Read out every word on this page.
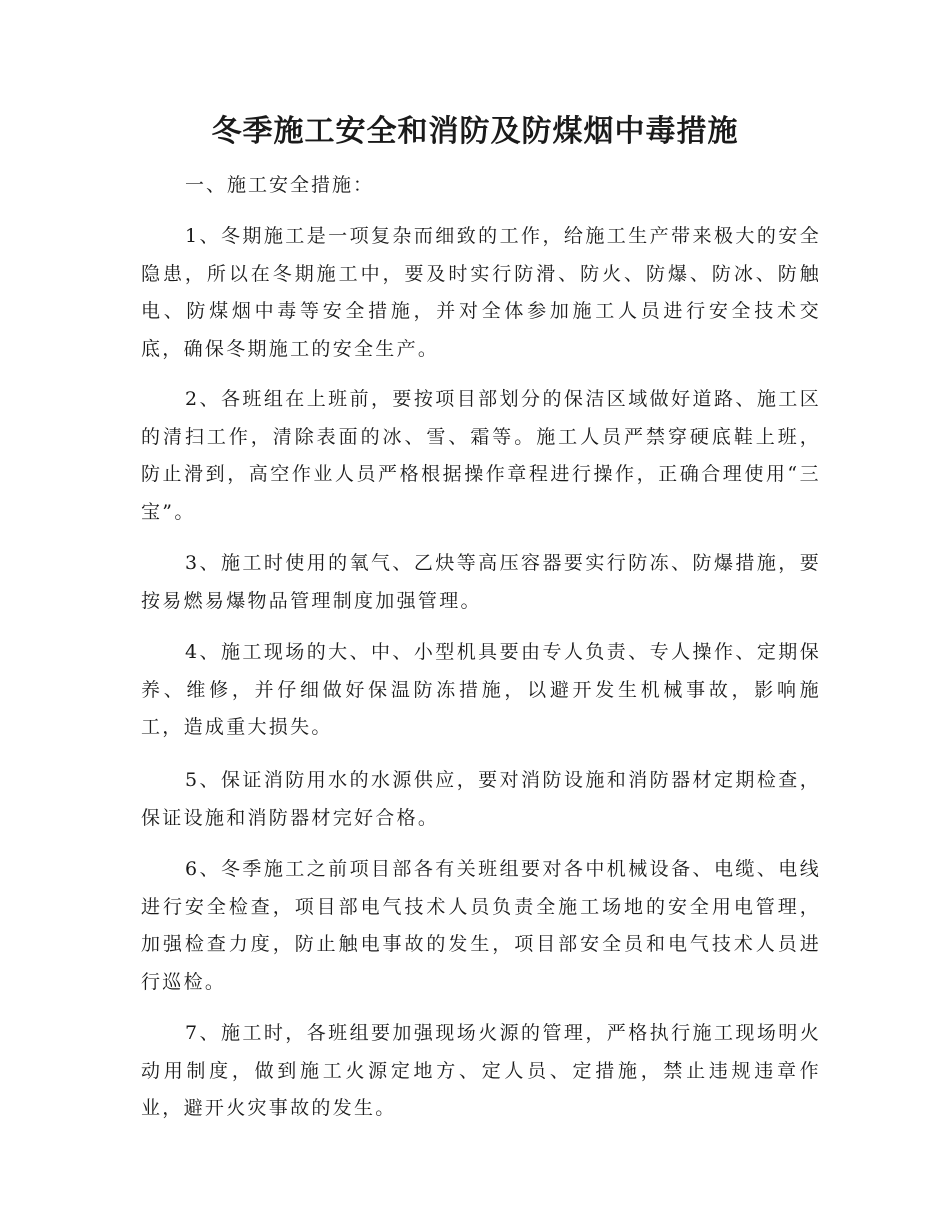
冬季施工安全和消防及防煤烟中毒措施

一、施工安全措施：

1、冬期施工是一项复杂而细致的工作，给施工生产带来极大的安全隐患，所以在冬期施工中，要及时实行防滑、防火、防爆、防冰、防触电、防煤烟中毒等安全措施，并对全体参加施工人员进行安全技术交底，确保冬期施工的安全生产。

2、各班组在上班前，要按项目部划分的保洁区域做好道路、施工区的清扫工作，清除表面的冰、雪、霜等。施工人员严禁穿硬底鞋上班，防止滑到，高空作业人员严格根据操作章程进行操作，正确合理使用“三宝”。

3、施工时使用的氧气、乙炔等高压容器要实行防冻、防爆措施，要按易燃易爆物品管理制度加强管理。

4、施工现场的大、中、小型机具要由专人负责、专人操作、定期保养、维修，并仔细做好保温防冻措施，以避开发生机械事故，影响施工，造成重大损失。

5、保证消防用水的水源供应，要对消防设施和消防器材定期检查，保证设施和消防器材完好合格。

6、冬季施工之前项目部各有关班组要对各中机械设备、电缆、电线进行安全检查，项目部电气技术人员负责全施工场地的安全用电管理，加强检查力度，防止触电事故的发生，项目部安全员和电气技术人员进行巡检。

7、施工时，各班组要加强现场火源的管理，严格执行施工现场明火动用制度，做到施工火源定地方、定人员、定措施，禁止违规违章作业，避开火灾事故的发生。
